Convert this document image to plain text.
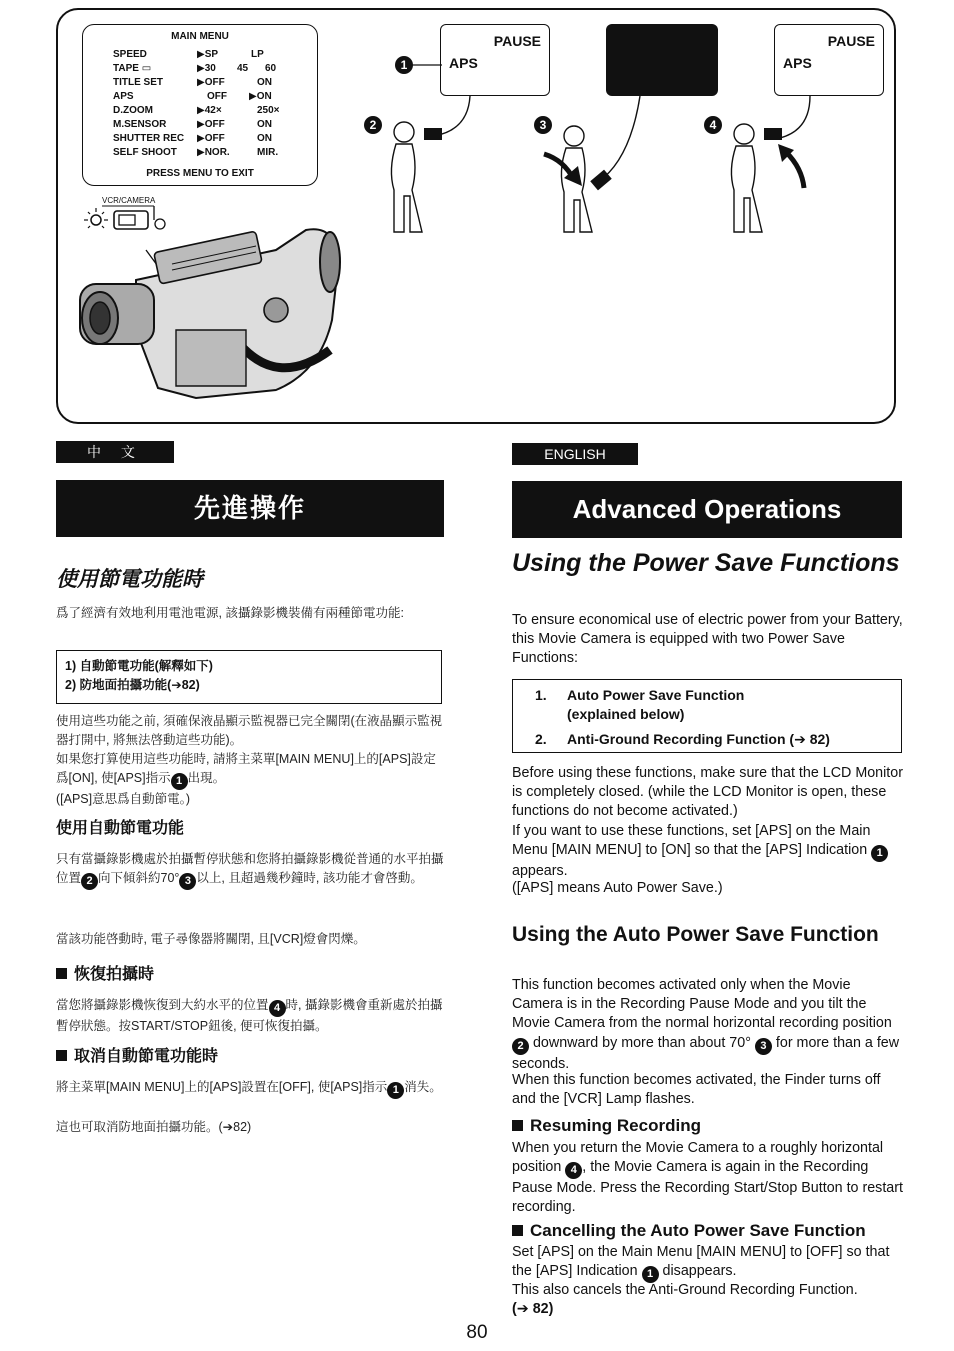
MAIN MENU
SPEED	▶SP	LP
TAPE ▭	▶30 45 60
TITLE SET	▶OFF	ON
APS	OFF ▶ON
D.ZOOM	▶42×	250×
M.SENSOR	▶OFF	ON
SHUTTER REC ▶OFF	ON
SELF SHOOT ▶NOR.	MIR.
PRESS MENU TO EXIT
VCR/CAMERA
PAUSE
APS
PAUSE
APS
1
2	3	4
中 文	ENGLISH
先進操作	Advanced Operations
使用節電功能時
爲了經濟有效地利用電池電源, 該攝錄影機裝備有兩種節電功能:
1) 自動節電功能(解釋如下)
2) 防地面拍攝功能(➔82)
使用這些功能之前, 須確保液晶顯示監視器已完全關閉(在液晶顯示監視器打開中, 將無法啓動這些功能)。
如果您打算使用這些功能時, 請將主菜單[MAIN MENU]上的[APS]設定爲[ON], 使[APS]指示 1 出現。
([APS]意思爲自動節電。)
使用自動節電功能
只有當攝錄影機處於拍攝暫停狀態和您將拍攝錄影機從普通的水平拍攝位置 2 向下傾斜約70° 3 以上, 且超過幾秒鐘時, 該功能才會啓動。
當該功能啓動時, 電子尋像器將關閉, 且[VCR]燈會閃爍。
恢復拍攝時
當您將攝錄影機恢復到大約水平的位置 4 時, 攝錄影機會重新處於拍攝暫停狀態。按START/STOP鈕後, 便可恢復拍攝。
取消自動節電功能時
將主菜單[MAIN MENU]上的[APS]設置在[OFF], 使[APS]指示 1 消失。
這也可取消防地面拍攝功能。(➔82)
Using the Power Save Functions
To ensure economical use of electric power from your Battery, this Movie Camera is equipped with two Power Save Functions:
1. Auto Power Save Function
(explained below)
2. Anti-Ground Recording Function (➔ 82)
Before using these functions, make sure that the LCD Monitor is completely closed. (while the LCD Monitor is open, these functions do not become activated.)
If you want to use these functions, set [APS] on the Main Menu [MAIN MENU] to [ON] so that the [APS] Indication 1 appears.
([APS] means Auto Power Save.)
Using the Auto Power Save Function
This function becomes activated only when the Movie Camera is in the Recording Pause Mode and you tilt the Movie Camera from the normal horizontal recording position 2 downward by more than about 70° 3 for more than a few seconds.
When this function becomes activated, the Finder turns off and the [VCR] Lamp flashes.
Resuming Recording
When you return the Movie Camera to a roughly horizontal position 4 , the Movie Camera is again in the Recording Pause Mode. Press the Recording Start/Stop Button to restart recording.
Cancelling the Auto Power Save Function
Set [APS] on the Main Menu [MAIN MENU] to [OFF] so that the [APS] Indication 1 disappears.
This also cancels the Anti-Ground Recording Function.
(➔ 82)
80
